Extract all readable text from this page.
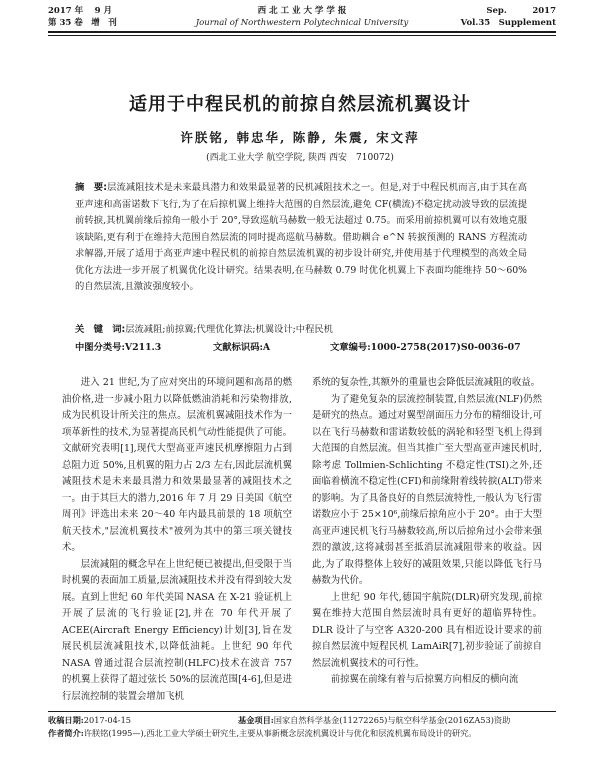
2017 年　 9 月	西 北 工 业 大 学 学 报	Sep.　　　2017
第 35 卷　增　刊	Journal of Northwestern Polytechnical University	Vol.35　Supplement
适用于中程民机的前掠自然层流机翼设计
许朕铭, 韩忠华, 陈静, 朱震, 宋文萍
(西北工业大学 航空学院, 陕西 西安　710072)
摘　要:层流减阻技术是未来最具潜力和效果最显著的民机减阻技术之一。但是,对于中程民机而言,由于其在高亚声速和高雷诺数下飞行,为了在后掠机翼上维持大范围的自然层流,避免 CF(横流)不稳定扰动波导致的层流提前转捩,其机翼前缘后掠角一般小于 20°,导致巡航马赫数一般无法超过 0.75。而采用前掠机翼可以有效地克服该缺陷,更有利于在维持大范围自然层流的同时提高巡航马赫数。借助耦合 e^N 转捩预测的 RANS 方程流动求解器,开展了适用于高亚声速中程民机的前掠自然层流机翼的初步设计研究,并使用基于代理模型的高效全局优化方法进一步开展了机翼优化设计研究。结果表明,在马赫数 0.79 时优化机翼上下表面均能维持 50～60%的自然层流,且激波强度较小。
关　键　词:层流减阻;前掠翼;代理优化算法;机翼设计;中程民机
中图分类号:V211.3	文献标识码:A	文章编号:1000-2758(2017)S0-0036-07

进入 21 世纪,为了应对突出的环境问题和高昂的燃油价格,进一步减小阻力以降低燃油消耗和污染物排放,成为民机设计所关注的焦点。层流机翼减阻技术作为一项革新性的技术,为显著提高民机气动性能提供了可能。文献研究表明[1],现代大型高亚声速民机摩擦阻力占到总阻力近 50%,且机翼的阻力占 2/3 左右,因此层流机翼减阻技术是未来最具潜力和效果最显著的减阻技术之一。由于其巨大的潜力,2016 年 7 月 29 日美国《航空周刊》评选出未来 20～40 年内最具前景的 18 项航空航天技术,"层流机翼技术"被列为其中的第三项关键技术。

层流减阻的概念早在上世纪便已被提出,但受限于当时机翼的表面加工质量,层流减阻技术并没有得到较大发展。直到上世纪 60 年代美国 NASA 在 X-21 验证机上开展了层流的飞行验证[2],并在 70 年代开展了 ACEE(Aircraft Energy Efficiency)计划[3],旨在发展民机层流减阻技术,以降低油耗。上世纪 90 年代 NASA 曾通过混合层流控制(HLFC)技术在波音 757 的机翼上获得了超过弦长 50%的层流范围[4-6],但是进行层流控制的装置会增加飞机

系统的复杂性,其额外的重量也会降低层流减阻的收益。

为了避免复杂的层流控制装置,自然层流(NLF)仍然是研究的热点。通过对翼型剖面压力分布的精细设计,可以在飞行马赫数和雷诺数较低的涡轮和轻型飞机上得到大范围的自然层流。但当其推广至大型高亚声速民机时,除考虑 Tollmien-Schlichting 不稳定性(TSI)之外,还面临着横流不稳定性(CFI)和前缘附着线转捩(ALT)带来的影响。为了具备良好的自然层流特性,一般认为飞行雷诺数应小于 25×10⁶,前缘后掠角应小于 20°。由于大型高亚声速民机飞行马赫数较高,所以后掠角过小会带来强烈的激波,这将减弱甚至抵消层流减阻带来的收益。因此,为了取得整体上较好的减阻效果,只能以降低飞行马赫数为代价。

上世纪 90 年代,德国宇航院(DLR)研究发现,前掠翼在维持大范围自然层流时具有更好的超临界特性。DLR 设计了与空客 A320-200 具有相近设计要求的前掠自然层流中短程民机 LamAiR[7],初步验证了前掠自然层流机翼技术的可行性。

前掠翼在前缘有着与后掠翼方向相反的横向流

收稿日期:2017-04-15	基金项目:国家自然科学基金(11272265)与航空科学基金(2016ZA53)资助
作者简介:许朕铭(1995—),西北工业大学硕士研究生,主要从事新概念层流机翼设计与优化和层流机翼布局设计的研究。
